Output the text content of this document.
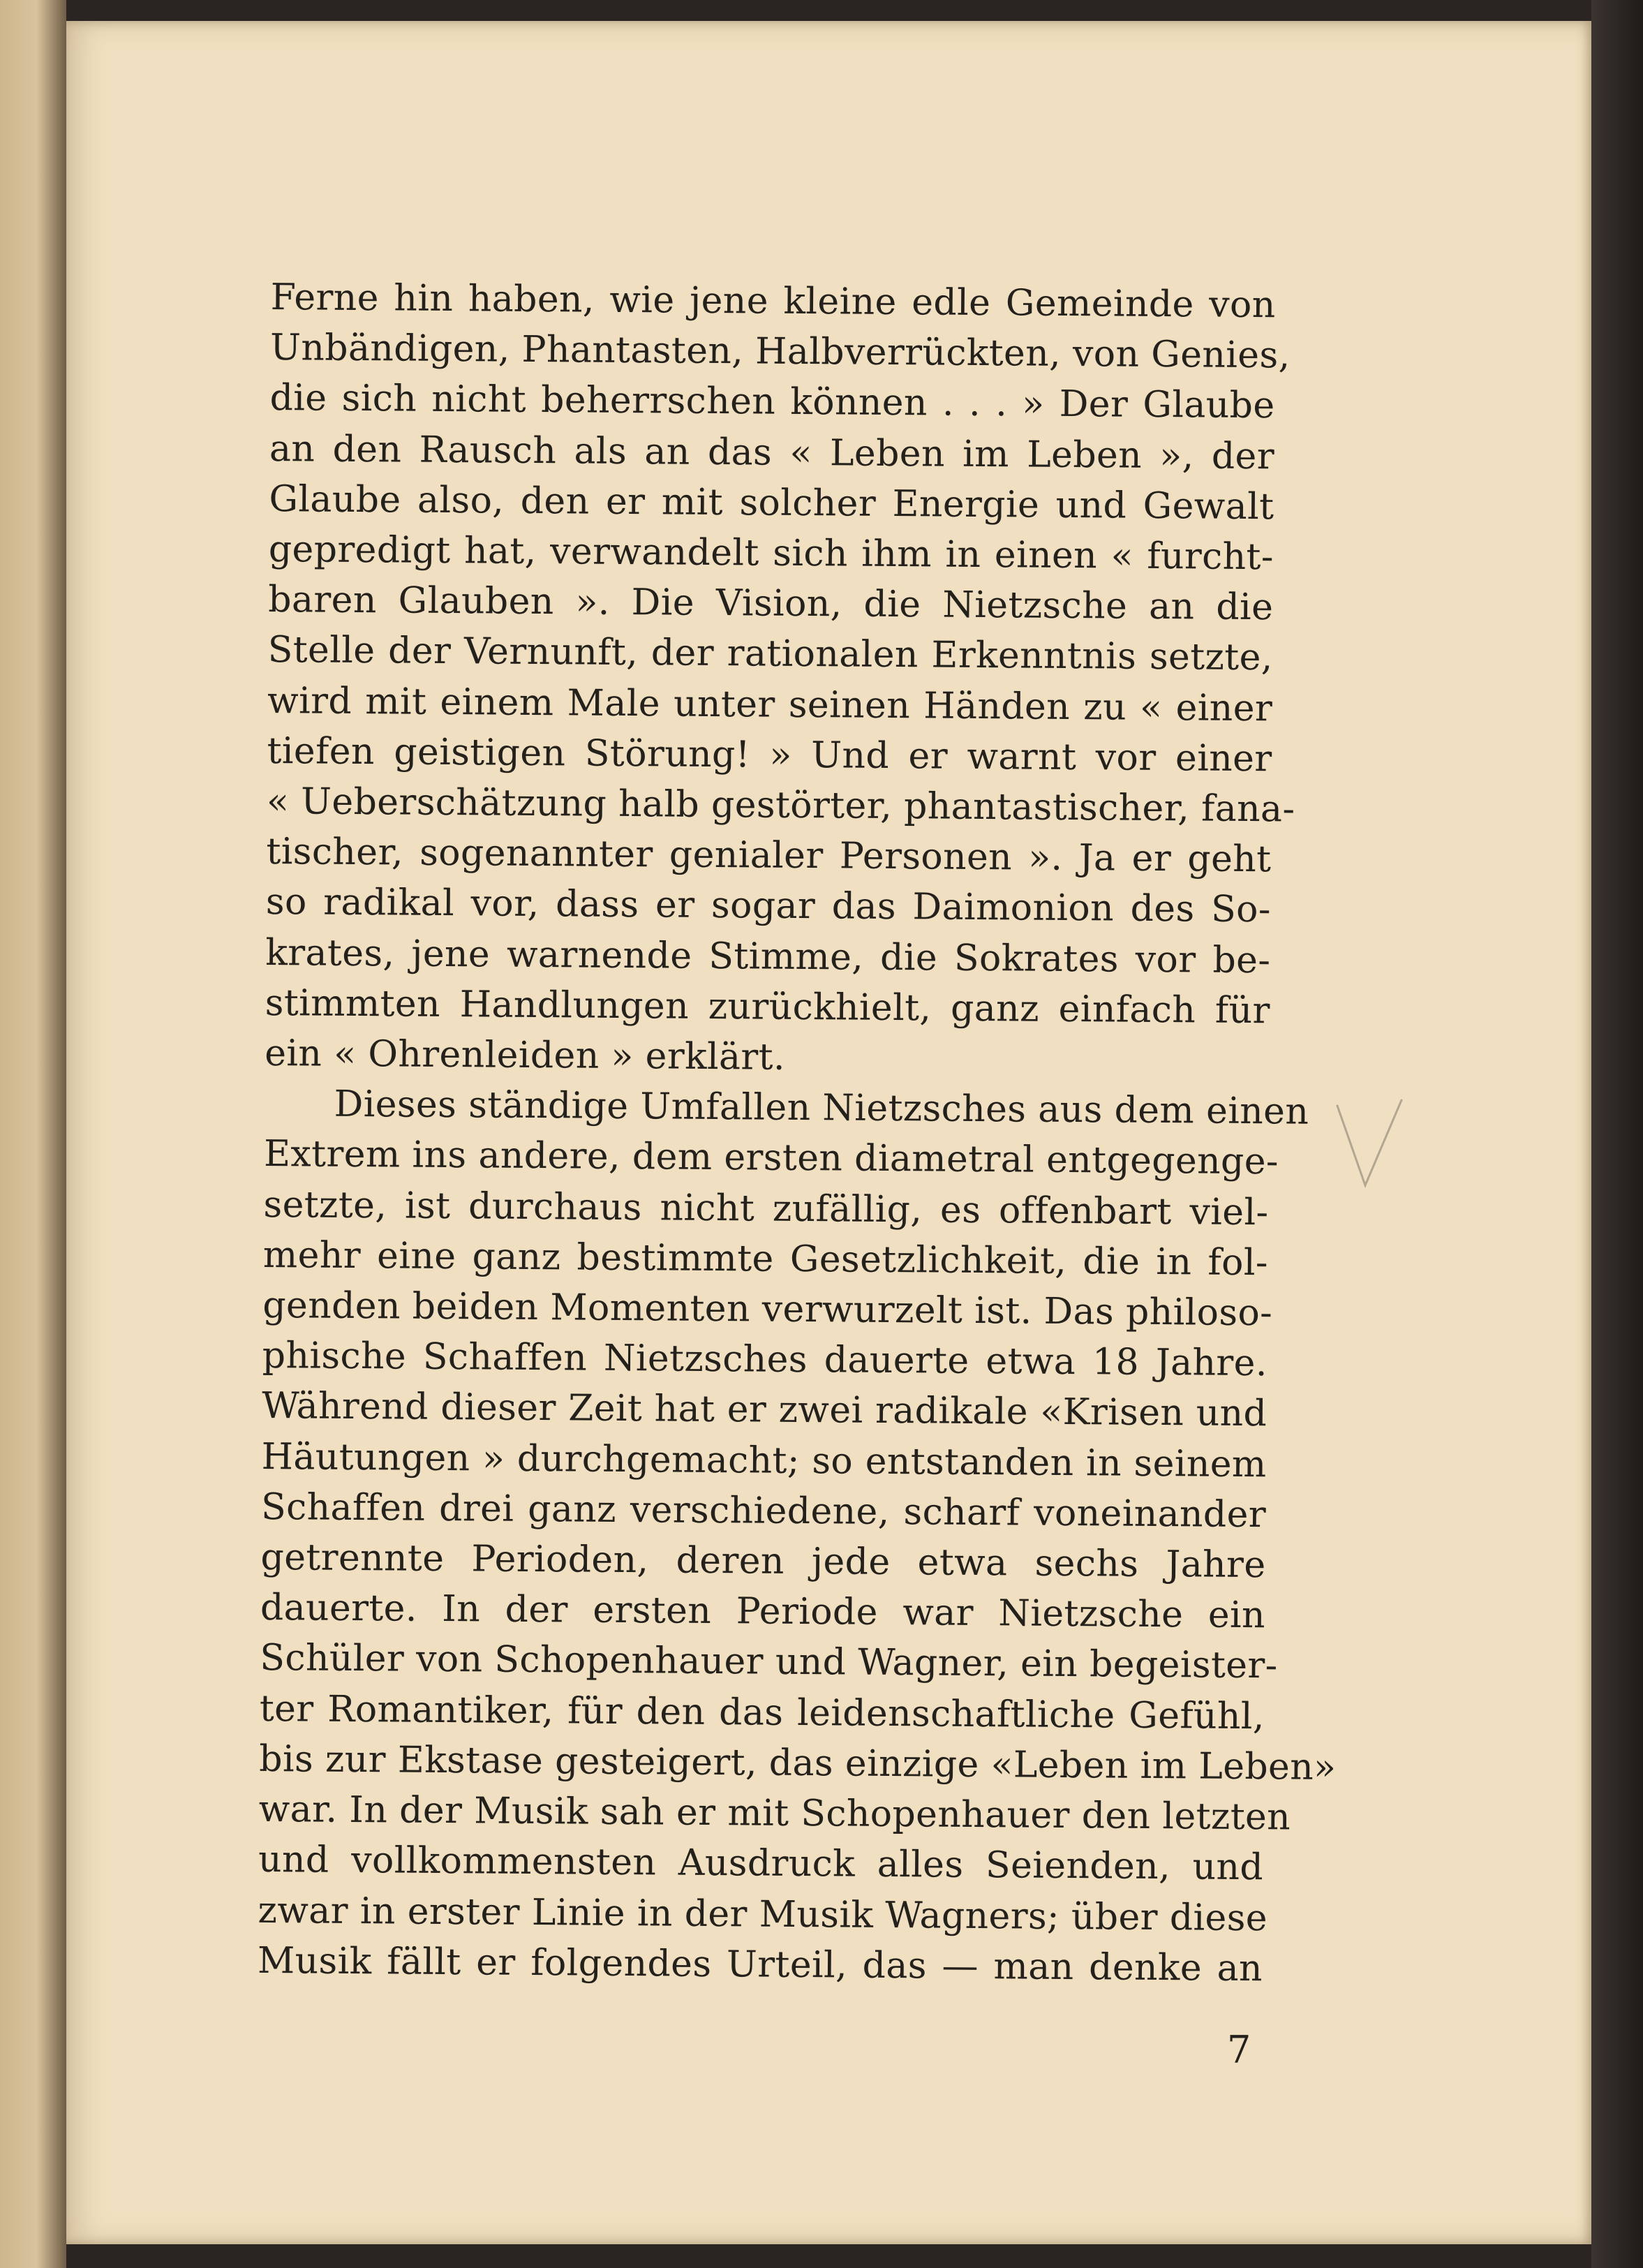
Ferne hin haben, wie jene kleine edle Gemeinde von
Unbändigen, Phantasten, Halbverrückten, von Genies,
die sich nicht beherrschen können . . . » Der Glaube
an den Rausch als an das « Leben im Leben », der
Glaube also, den er mit solcher Energie und Gewalt
gepredigt hat, verwandelt sich ihm in einen « furcht-
baren Glauben ». Die Vision, die Nietzsche an die
Stelle der Vernunft, der rationalen Erkenntnis setzte,
wird mit einem Male unter seinen Händen zu « einer
tiefen geistigen Störung! » Und er warnt vor einer
« Ueberschätzung halb gestörter, phantastischer, fana-
tischer, sogenannter genialer Personen ». Ja er geht
so radikal vor, dass er sogar das Daimonion des So-
krates, jene warnende Stimme, die Sokrates vor be-
stimmten Handlungen zurückhielt, ganz einfach für
ein « Ohrenleiden » erklärt.

Dieses ständige Umfallen Nietzsches aus dem einen
Extrem ins andere, dem ersten diametral entgegenge-
setzte, ist durchaus nicht zufällig, es offenbart viel-
mehr eine ganz bestimmte Gesetzlichkeit, die in fol-
genden beiden Momenten verwurzelt ist. Das philoso-
phische Schaffen Nietzsches dauerte etwa 18 Jahre.
Während dieser Zeit hat er zwei radikale «Krisen und
Häutungen » durchgemacht; so entstanden in seinem
Schaffen drei ganz verschiedene, scharf voneinander
getrennte Perioden, deren jede etwa sechs Jahre
dauerte. In der ersten Periode war Nietzsche ein
Schüler von Schopenhauer und Wagner, ein begeister-
ter Romantiker, für den das leidenschaftliche Gefühl,
bis zur Ekstase gesteigert, das einzige «Leben im Leben»
war. In der Musik sah er mit Schopenhauer den letzten
und vollkommensten Ausdruck alles Seienden, und
zwar in erster Linie in der Musik Wagners; über diese
Musik fällt er folgendes Urteil, das — man denke an

7
